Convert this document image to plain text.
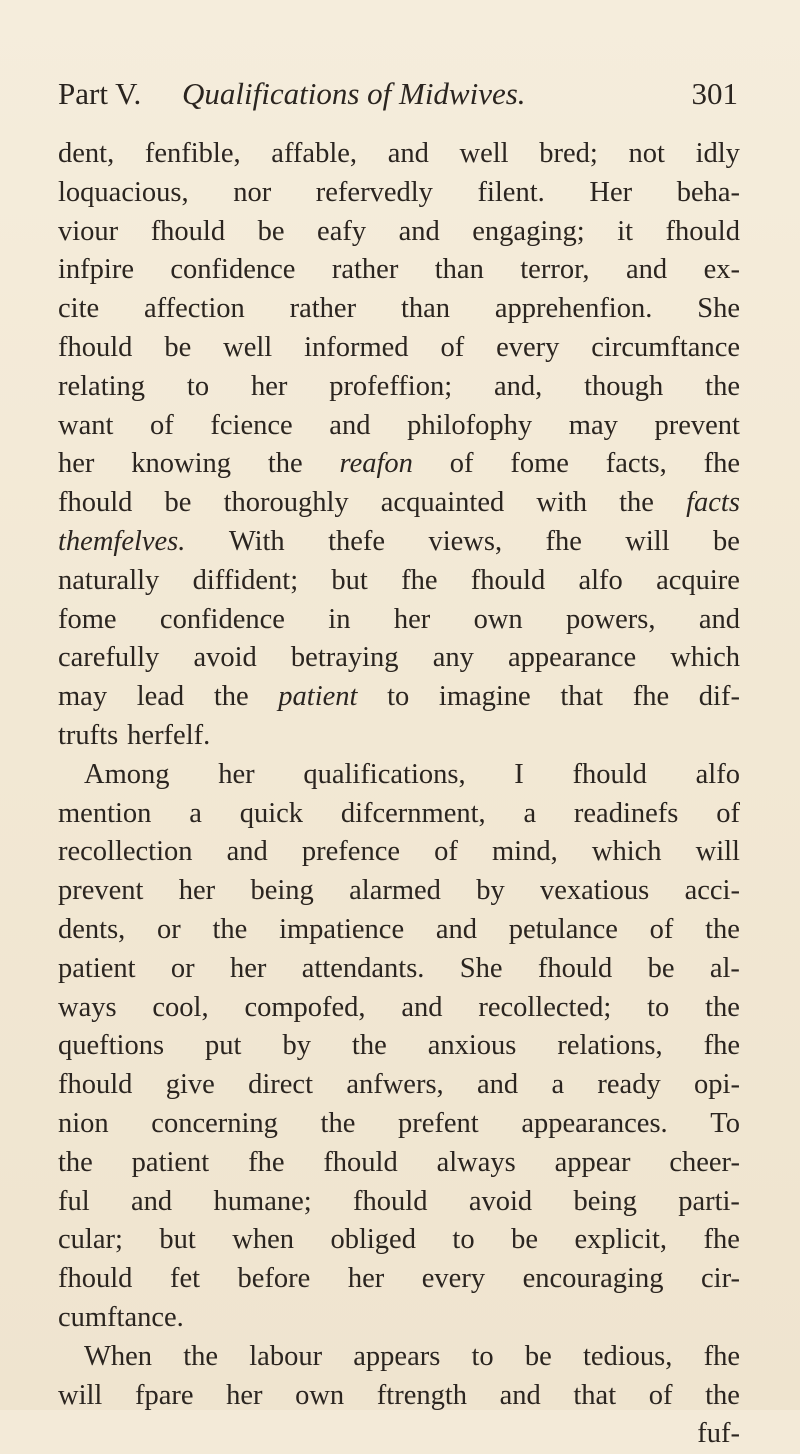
Part V. Qualifications of Midwives.	301
dent, fenfible, affable, and well bred; not idly
loquacious, nor refervedly filent. Her beha-
viour fhould be eafy and engaging; it fhould
infpire confidence rather than terror, and ex-
cite affection rather than apprehenfion. She
fhould be well informed of every circumftance
relating to her profeffion; and, though the
want of fcience and philofophy may prevent
her knowing the reafon of fome facts, fhe
fhould be thoroughly acquainted with the facts
themfelves. With thefe views, fhe will be
naturally diffident; but fhe fhould alfo acquire
fome confidence in her own powers, and
carefully avoid betraying any appearance which
may lead the patient to imagine that fhe dif-
trufts herfelf.
Among her qualifications, I fhould alfo
mention a quick difcernment, a readinefs of
recollection and prefence of mind, which will
prevent her being alarmed by vexatious acci-
dents, or the impatience and petulance of the
patient or her attendants. She fhould be al-
ways cool, compofed, and recollected; to the
queftions put by the anxious relations, fhe
fhould give direct anfwers, and a ready opi-
nion concerning the prefent appearances. To
the patient fhe fhould always appear cheer-
ful and humane; fhould avoid being parti-
cular; but when obliged to be explicit, fhe
fhould fet before her every encouraging cir-
cumftance.
When the labour appears to be tedious, fhe
will fpare her own ftrength and that of the
fuf-
